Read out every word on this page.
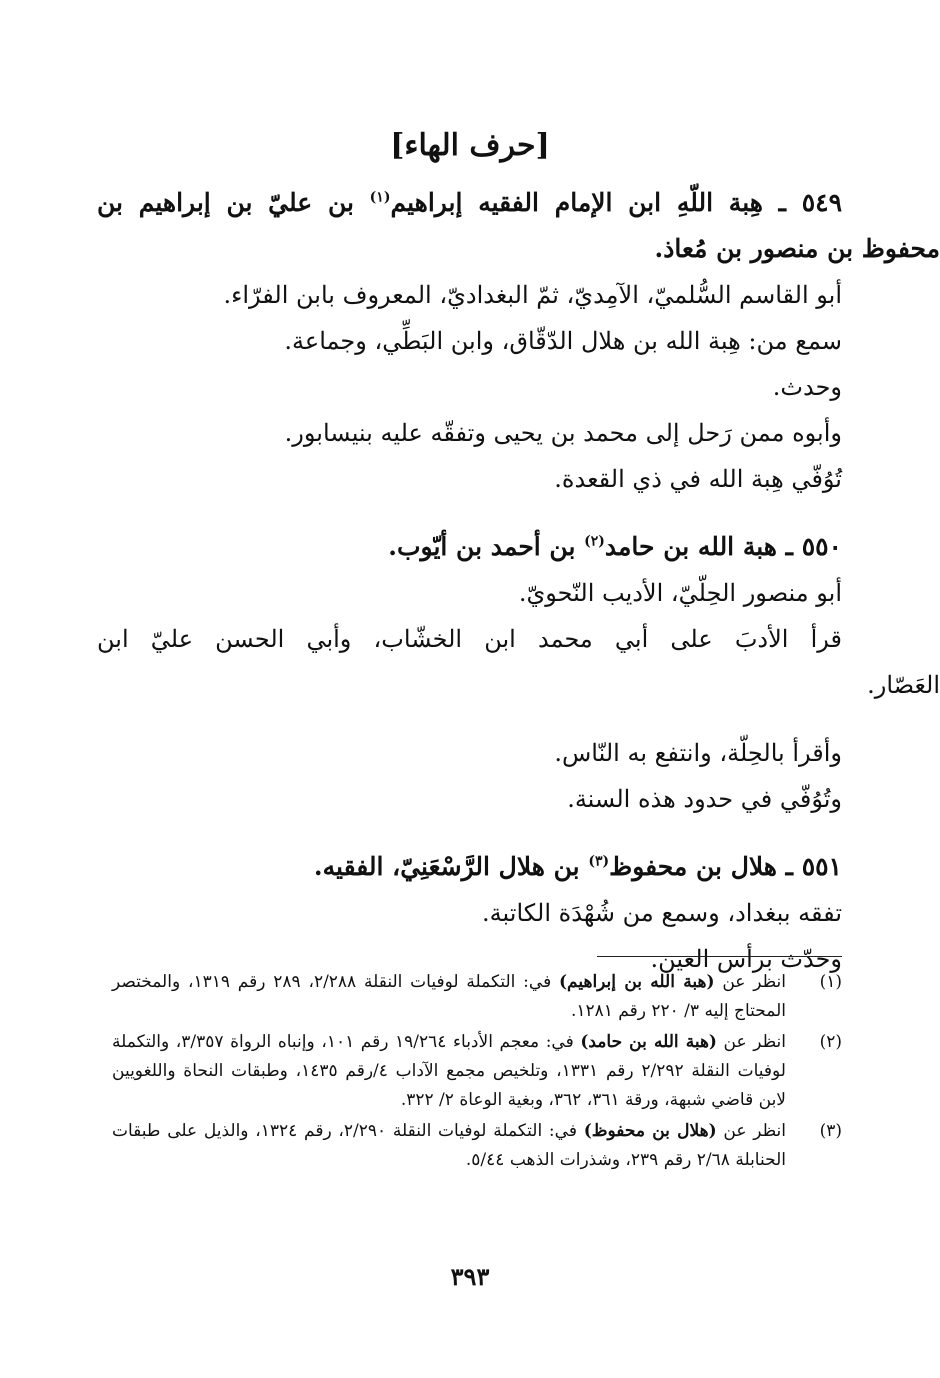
[حرف الهاء]
٥٤٩ ـ هِبة اللّهِ ابن الإمام الفقيه إبراهيم$^{(١)}$ بن عليّ بن إبراهيم بن
محفوظ بن منصور بن مُعاذ.
أبو القاسم السُّلميّ، الآمِديّ، ثمّ البغداديّ، المعروف بابن الفرّاء.
سمع من: هِبة الله بن هلال الدّقّاق، وابن البَطِّي، وجماعة.
وحدث.
وأبوه ممن رَحل إلى محمد بن يحيى وتفقّه عليه بنيسابور.
تُوُفّي هِبة الله في ذي القعدة.
٥٥٠ ـ هبة الله بن حامد$^{(٢)}$ بن أحمد بن أيّوب.
أبو منصور الحِلّيّ، الأديب النّحويّ.
قرأ الأدبَ على أبي محمد ابن الخشّاب، وأبي الحسن عليّ ابن
العَصّار.
وأقرأ بالحِلّة، وانتفع به النّاس.
وتُوُفّي في حدود هذه السنة.
٥٥١ ـ هلال بن محفوظ$^{(٣)}$ بن هلال الرَّسْعَنِيّ، الفقيه.
تفقه ببغداد، وسمع من شُهْدَة الكاتبة.
وحدّث برأس العين.
(١)
انظر عن (هبة الله بن إبراهيم) في: التكملة لوفيات النقلة ٢/٢٨٨، ٢٨٩ رقم ١٣١٩، والمختصر المحتاج إليه ٣/ ٢٢٠ رقم ١٢٨١.
(٢)
انظر عن (هبة الله بن حامد) في: معجم الأدباء ١٩/٢٦٤ رقم ١٠١، وإنباه الرواة ٣/٣٥٧، والتكملة لوفيات النقلة ٢/٢٩٢ رقم ١٣٣١، وتلخيص مجمع الآداب ٤/رقم ١٤٣٥، وطبقات النحاة واللغويين لابن قاضي شبهة، ورقة ٣٦١، ٣٦٢، وبغية الوعاة ٢/ ٣٢٢.
(٣)
انظر عن (هلال بن محفوظ) في: التكملة لوفيات النقلة ٢/٢٩٠، رقم ١٣٢٤، والذيل على طبقات الحنابلة ٢/٦٨ رقم ٢٣٩، وشذرات الذهب ٥/٤٤.
٣٩٣
